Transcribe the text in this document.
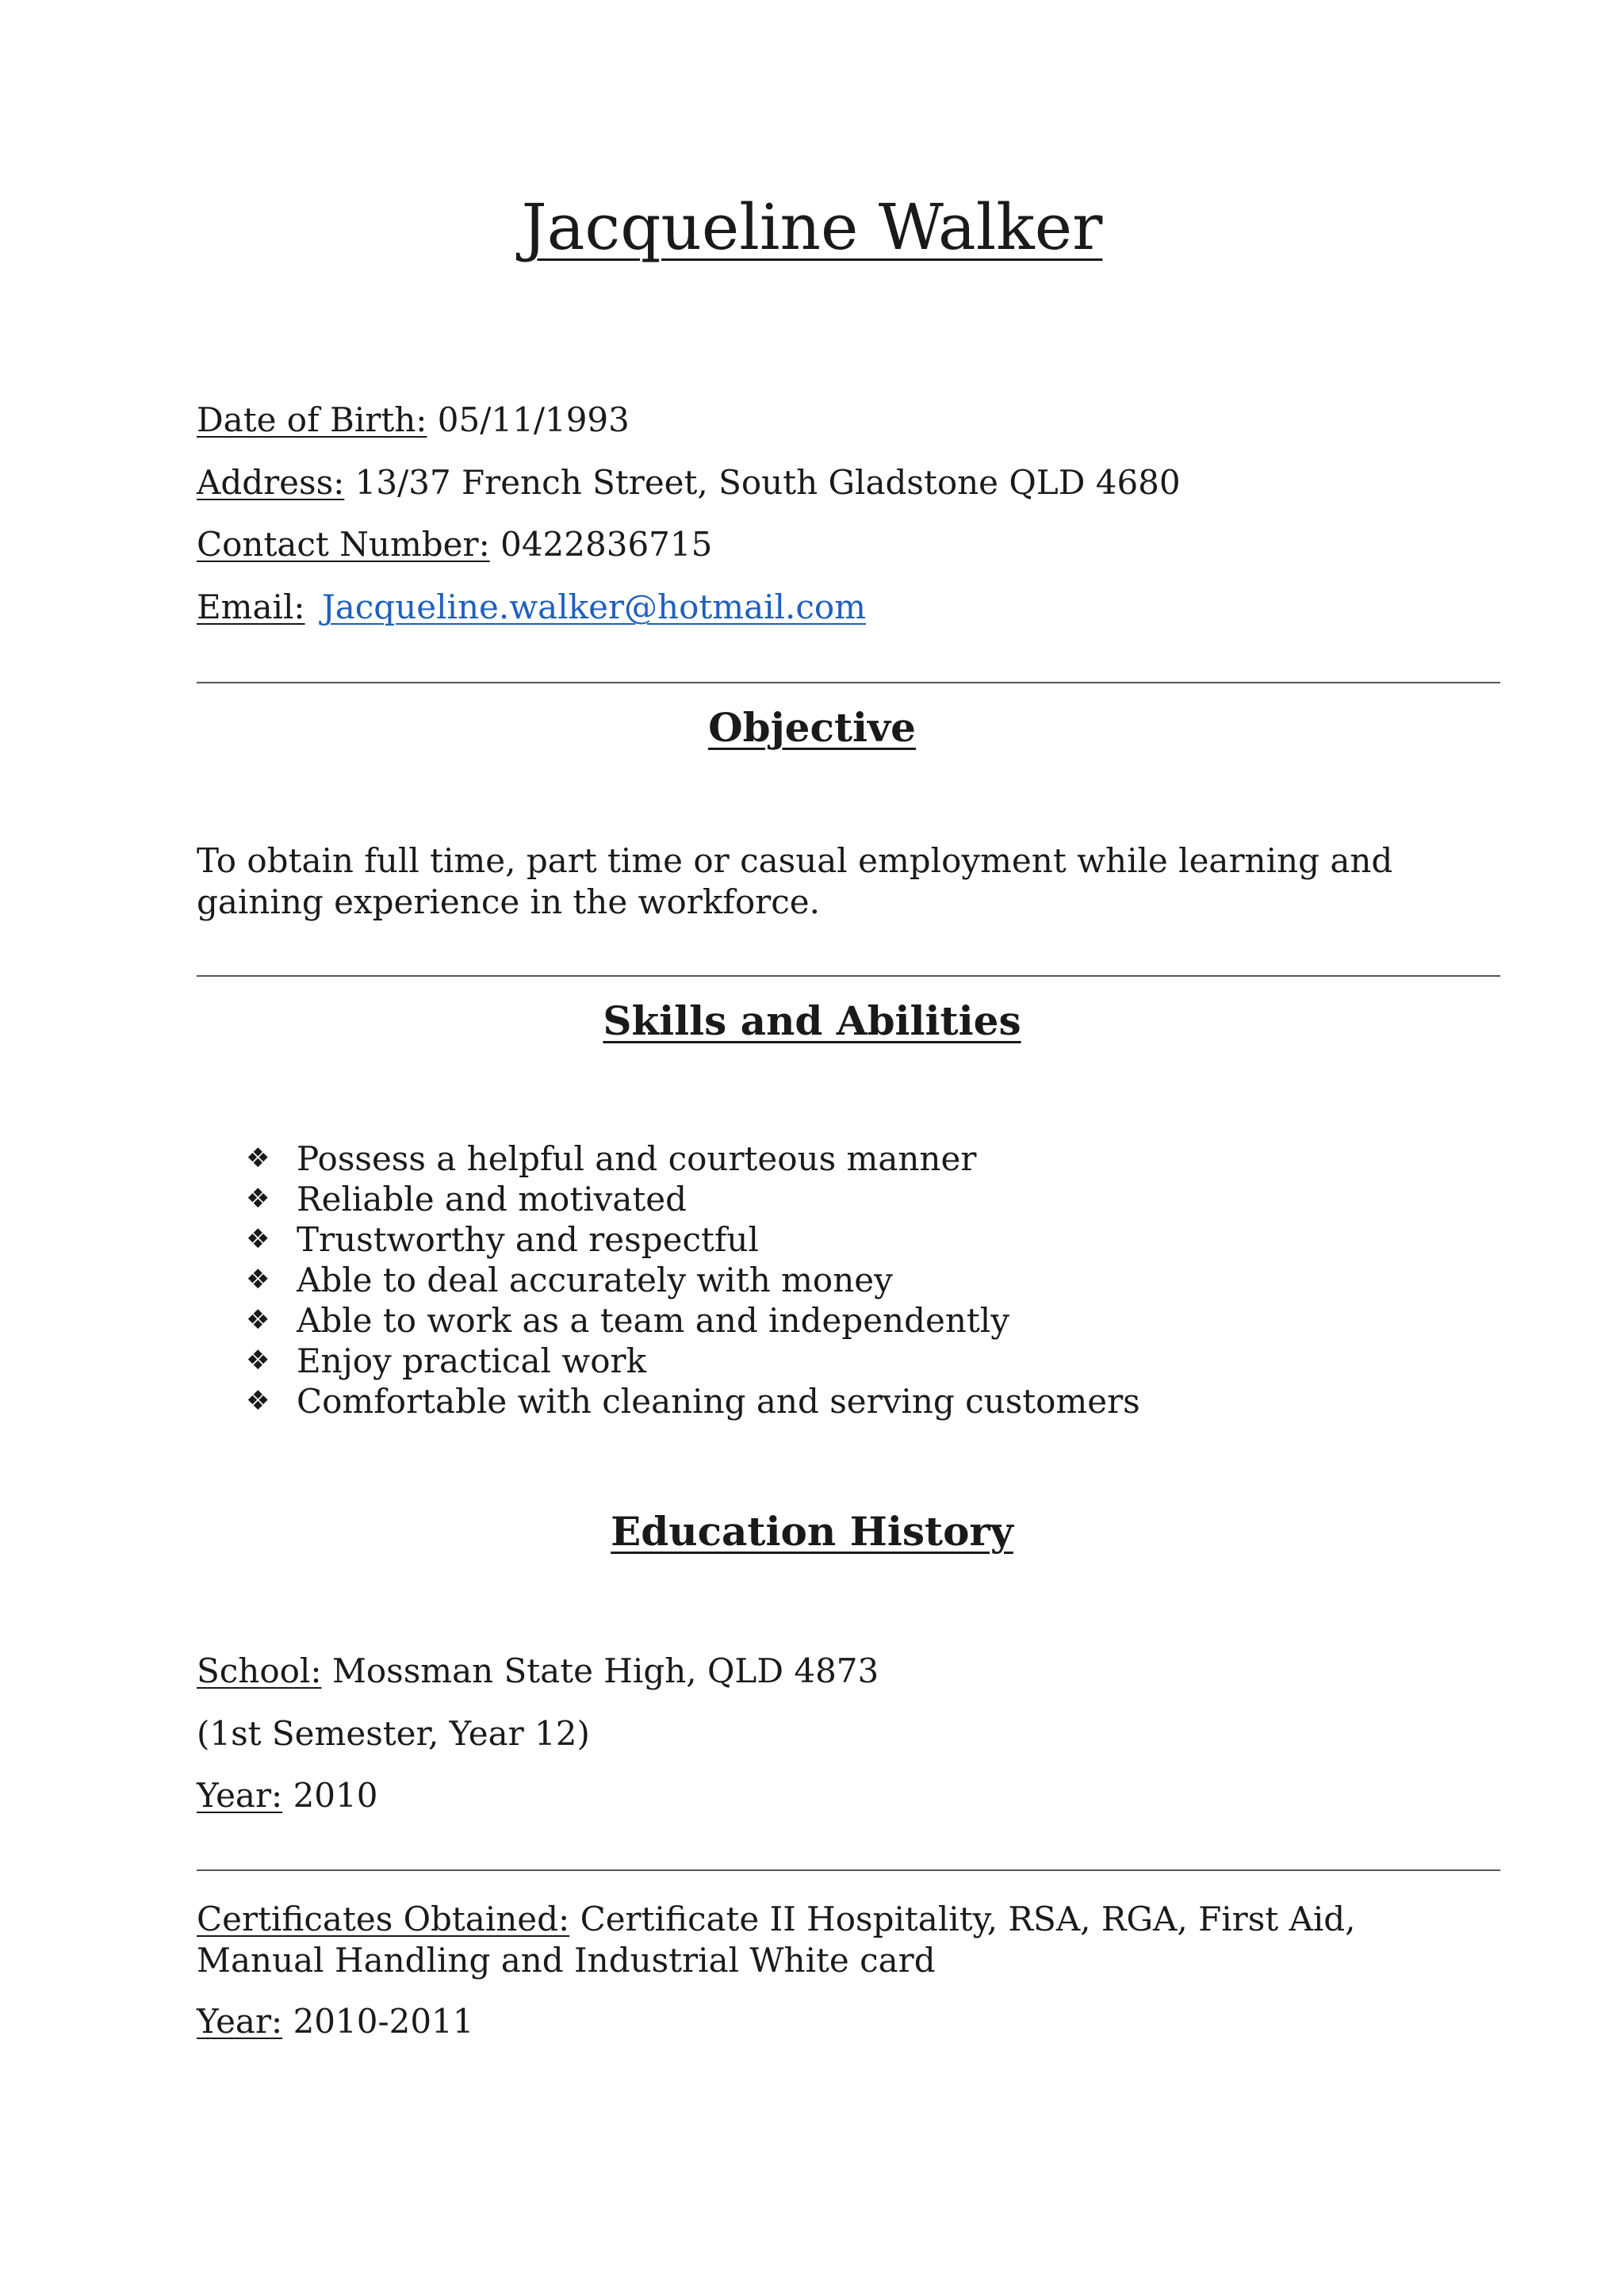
Jacqueline Walker
Date of Birth: 05/11/1993
Address: 13/37 French Street, South Gladstone QLD 4680
Contact Number: 0422836715
Email: Jacqueline.walker@hotmail.com
Objective

To obtain full time, part time or casual employment while learning and gaining experience in the workforce.

Skills and Abilities
❖ Possess a helpful and courteous manner
❖ Reliable and motivated
❖ Trustworthy and respectful
❖ Able to deal accurately with money
❖ Able to work as a team and independently
❖ Enjoy practical work
❖ Comfortable with cleaning and serving customers
Education History
School: Mossman State High, QLD 4873
(1st Semester, Year 12)
Year: 2010

Certificates Obtained: Certificate II Hospitality, RSA, RGA, First Aid, Manual Handling and Industrial White card

Year: 2010-2011
